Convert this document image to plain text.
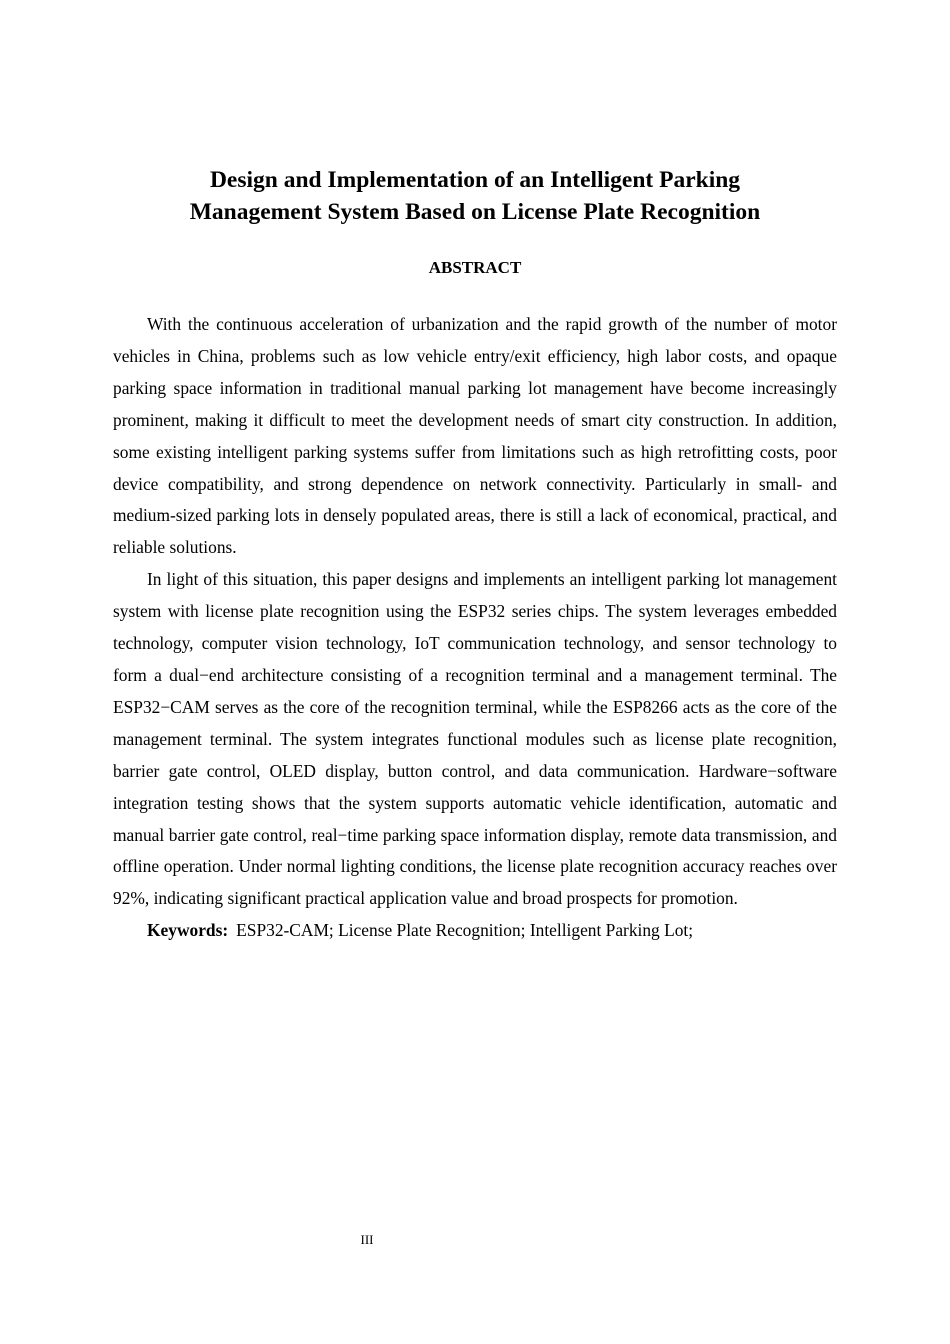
Design and Implementation of an Intelligent Parking
Management System Based on License Plate Recognition
ABSTRACT

With the continuous acceleration of urbanization and the rapid growth of the number of motor vehicles in China, problems such as low vehicle entry/exit efficiency, high labor costs, and opaque parking space information in traditional manual parking lot management have become increasingly prominent, making it difficult to meet the development needs of smart city construction. In addition, some existing intelligent parking systems suffer from limitations such as high retrofitting costs, poor device compatibility, and strong dependence on network connectivity. Particularly in small- and medium-sized parking lots in densely populated areas, there is still a lack of economical, practical, and reliable solutions.

In light of this situation, this paper designs and implements an intelligent parking lot management system with license plate recognition using the ESP32 series chips. The system leverages embedded technology, computer vision technology, IoT communication technology, and sensor technology to form a dual−end architecture consisting of a recognition terminal and a management terminal. The ESP32−CAM serves as the core of the recognition terminal, while the ESP8266 acts as the core of the management terminal. The system integrates functional modules such as license plate recognition, barrier gate control, OLED display, button control, and data communication. Hardware−software integration testing shows that the system supports automatic vehicle identification, automatic and manual barrier gate control, real−time parking space information display, remote data transmission, and offline operation. Under normal lighting conditions, the license plate recognition accuracy reaches over 92%, indicating significant practical application value and broad prospects for promotion.

Keywords: ESP32-CAM; License Plate Recognition; Intelligent Parking Lot;

III
